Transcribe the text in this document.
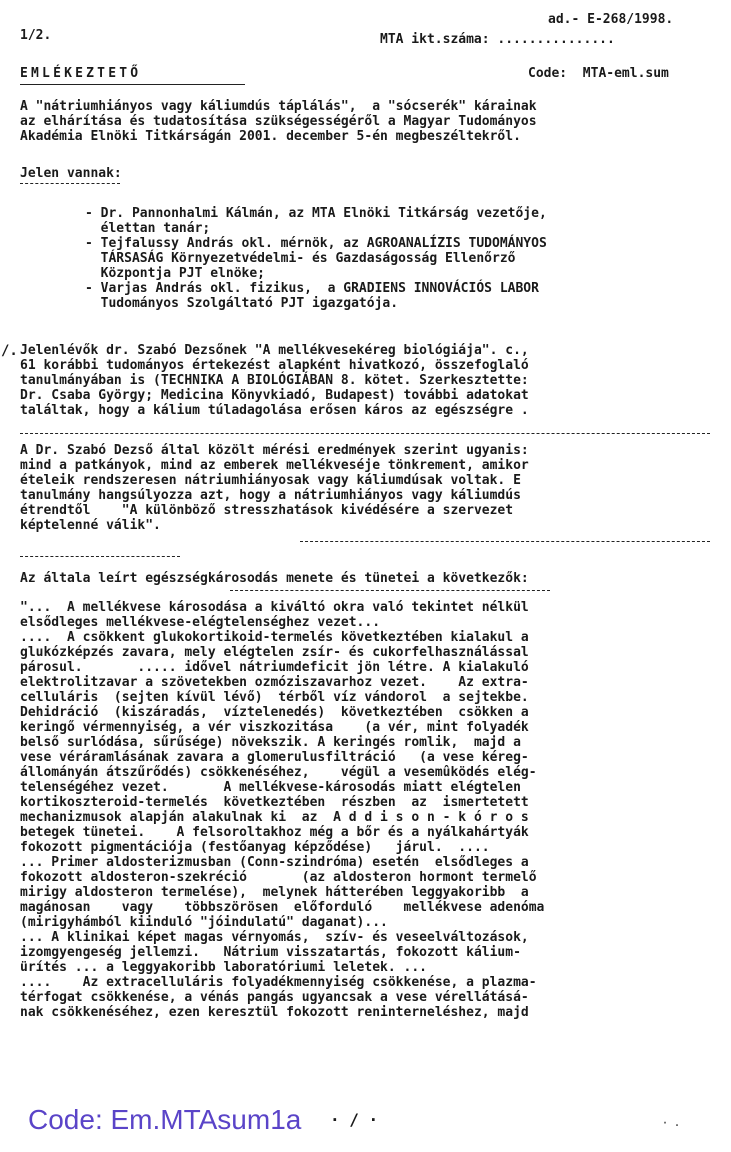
1/2.
ad.- E-268/1998.
MTA ikt.száma: ...............
EMLÉKEZTETŐ	Code:  MTA-eml.sum
A "nátriumhiányos vagy káliumdús táplálás",  a "sócserék" kárainak
az elhárítása és tudatosítása szükségességéről a Magyar Tudományos
Akadémia Elnöki Titkárságán 2001. december 5-én megbeszéltekről.
Jelen vannak:
- Dr. Pannonhalmi Kálmán, az MTA Elnöki Titkárság vezetője,
élettan tanár;
- Tejfalussy András okl. mérnök, az AGROANALÍZIS TUDOMÁNYOS
TÁRSASÁG Környezetvédelmi- és Gazdaságosság Ellenőrző
Központja PJT elnöke;
- Varjas András okl. fizikus,  a GRADIENS INNOVÁCIÓS LABOR
Tudományos Szolgáltató PJT igazgatója.
/. Jelenlévők dr. Szabó Dezsőnek "A mellékvesekéreg biológiája". c.,
61 korábbi tudományos értekezést alapként hivatkozó, összefoglaló
tanulmányában is (TECHNIKA A BIOLÓGIÁBAN 8. kötet. Szerkesztette:
Dr. Csaba György; Medicina Könyvkiadó, Budapest) további adatokat
találtak, hogy a kálium túladagolása erősen káros az egészségre .
A Dr. Szabó Dezső által közölt mérési eredmények szerint ugyanis:
mind a patkányok, mind az emberek mellékveséje tönkrement, amikor
ételeik rendszeresen nátriumhiányosak vagy káliumdúsak voltak. E
tanulmány hangsúlyozza azt, hogy a nátriumhiányos vagy káliumdús
étrendtől    "A különböző stresszhatások kivédésére a szervezet
képtelenné válik".
Az általa leírt egészségkárosodás menete és tünetei a következők:
"...  A mellékvese károsodása a kiváltó okra való tekintet nélkül
elsődleges mellékvese-elégtelenséghez vezet...
....  A csökkent glukokortikoid-termelés következtében kialakul a
glukózképzés zavara, mely elégtelen zsír- és cukorfelhasználással
párosul.       ..... idővel nátriumdeficit jön létre. A kialakuló
elektrolitzavar a szövetekben ozmóziszavarhoz vezet.    Az extra-
celluláris  (sejten kívül lévő)  térből víz vándorol  a sejtekbe.
Dehidráció  (kiszáradás,  víztelenedés)  következtében  csökken a
keringő vérmennyiség, a vér viszkozitása    (a vér, mint folyadék
belső surlódása, sűrűsége) növekszik. A keringés romlik,  majd a
vese véráramlásának zavara a glomerulusfiltráció   (a vese kéreg-
állományán átszűrődés) csökkenéséhez,    végül a vesemûködés elég-
telenségéhez vezet.       A mellékvese-károsodás miatt elégtelen
kortikoszteroid-termelés  következtében  részben  az  ismertetett
mechanizmusok alapján alakulnak ki  az  A d d i s o n - k ó r o s
betegek tünetei.    A felsoroltakhoz még a bőr és a nyálkahártyák
fokozott pigmentációja (festőanyag képződése)   járul.  ....
... Primer aldosterizmusban (Conn-szindróma) esetén  elsődleges a
fokozott aldosteron-szekréció       (az aldosteron hormont termelő
mirigy aldosteron termelése),  melynek hátterében leggyakoribb  a
magánosan    vagy    többszörösen  előforduló    mellékvese adenóma
(mirigyhámból kiinduló "jóindulatú" daganat)...
... A klinikai képet magas vérnyomás,  szív- és veseelváltozások,
izomgyengeség jellemzi.   Nátrium visszatartás, fokozott kálium-
ürítés ... a leggyakoribb laboratóriumi leletek. ...
....    Az extracelluláris folyadékmennyiség csökkenése, a plazma-
térfogat csökkenése, a vénás pangás ugyancsak a vese vérellátásá-
nak csökkenéséhez, ezen keresztül fokozott reninterneléshez, majd
Code: Em.MTAsum1a · / ·	· .
